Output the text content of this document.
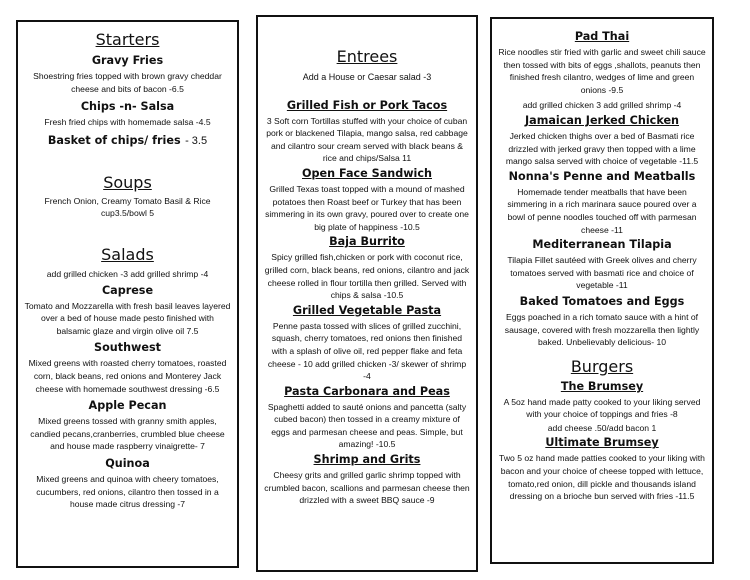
Starters
Gravy Fries
Shoestring fries topped with brown gravy cheddar cheese and bits of bacon -6.5
Chips -n- Salsa
Fresh fried chips with homemade salsa -4.5
Basket of chips/ fries - 3.5
Soups
French Onion, Creamy Tomato Basil & Rice cup3.5/bowl 5
Salads
add grilled chicken -3 add grilled shrimp -4
Caprese
Tomato and Mozzarella with fresh basil leaves layered over a bed of house made pesto finished with balsamic glaze and virgin olive oil 7.5
Southwest
Mixed greens with roasted cherry tomatoes, roasted corn, black beans, red onions and Monterey Jack cheese with homemade southwest dressing -6.5
Apple Pecan
Mixed greens tossed with granny smith apples, candied pecans,cranberries, crumbled blue cheese and house made raspberry vinaigrette- 7
Quinoa
Mixed greens and quinoa with cheery tomatoes, cucumbers, red onions, cilantro then tossed in a house made citrus dressing -7
Entrees
Add a House or Caesar salad -3
Grilled Fish or Pork Tacos
3 Soft corn Tortillas stuffed with your choice of cuban pork or blackened Tilapia, mango salsa, red cabbage and cilantro sour cream served with black beans & rice and chips/Salsa 11
Open Face Sandwich
Grilled Texas toast topped with a mound of mashed potatoes then Roast beef or Turkey that has been simmering in its own gravy, poured over to create one big plate of happiness -10.5
Baja Burrito
Spicy grilled fish,chicken or pork with coconut rice, grilled corn, black beans, red onions, cilantro and jack cheese rolled in flour tortilla then grilled. Served with chips & salsa -10.5
Grilled Vegetable Pasta
Penne pasta tossed with slices of grilled zucchini, squash, cherry tomatoes, red onions then finished with a splash of olive oil, red pepper flake and feta cheese - 10 add grilled chicken -3/ skewer of shrimp -4
Pasta Carbonara and Peas
Spaghetti added to sauté onions and pancetta (salty cubed bacon) then tossed in a creamy mixture of eggs and parmesan cheese and peas. Simple, but amazing! -10.5
Shrimp and Grits
Cheesy grits and grilled garlic shrimp topped with crumbled bacon, scallions and parmesan cheese then drizzled with a sweet BBQ sauce -9
Pad Thai
Rice noodles stir fried with garlic and sweet chili sauce then tossed with bits of eggs ,shallots, peanuts then finished fresh cilantro, wedges of lime and green onions -9.5
add grilled chicken 3 add grilled shrimp -4
Jamaican Jerked Chicken
Jerked chicken thighs over a bed of Basmati rice drizzled with jerked gravy then topped with a lime mango salsa served with choice of vegetable -11.5
Nonna's Penne and Meatballs
Homemade tender meatballs that have been simmering in a rich marinara sauce poured over a bowl of penne noodles touched off with parmesan cheese -11
Mediterranean Tilapia
Tilapia Fillet sautéed with Greek olives and cherry tomatoes served with basmati rice and choice of vegetable -11
Baked Tomatoes and Eggs
Eggs poached in a rich tomato sauce with a hint of sausage, covered with fresh mozzarella then lightly baked. Unbelievably delicious- 10
Burgers
The Brumsey
A 5oz hand made patty cooked to your liking served with your choice of toppings and fries -8
add cheese .50/add bacon 1
Ultimate Brumsey
Two 5 oz hand made patties cooked to your liking with bacon and your choice of cheese topped with lettuce, tomato,red onion, dill pickle and thousands island dressing on a brioche bun served with fries -11.5
